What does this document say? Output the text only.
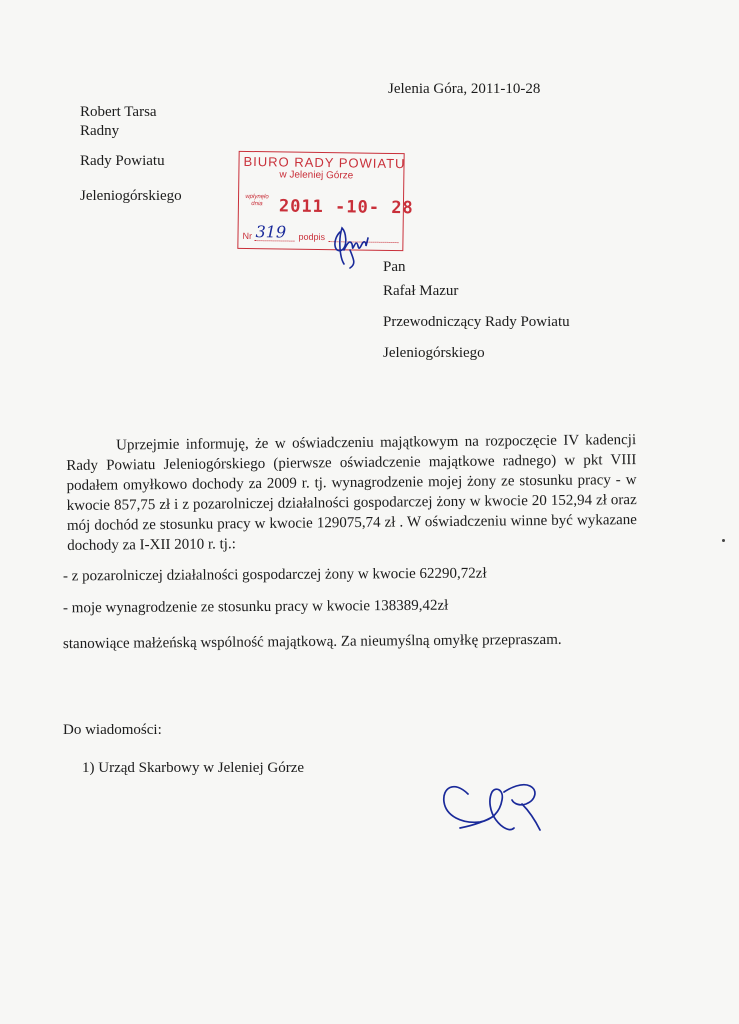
Jelenia Góra, 2011-10-28
Robert Tarsa
Radny
Rady Powiatu
Jeleniogórskiego
BIURO RADY POWIATU
w Jeleniej Górze
wpłynęło dnia 2011 -10- 28
Nr 319 podpis
Pan
Rafał Mazur
Przewodniczący Rady Powiatu
Jeleniogórskiego
Uprzejmie informuję, że w oświadczeniu majątkowym na rozpoczęcie IV kadencji Rady Powiatu Jeleniogórskiego (pierwsze oświadczenie majątkowe radnego) w pkt VIII podałem omyłkowo dochody za 2009 r. tj. wynagrodzenie mojej żony ze stosunku pracy - w kwocie 857,75 zł i z pozarolniczej działalności gospodarczej żony w kwocie 20 152,94 zł oraz mój dochód ze stosunku pracy w kwocie 129075,74 zł . W oświadczeniu winne być wykazane dochody za I-XII 2010 r. tj.:
- z pozarolniczej działalności gospodarczej żony w kwocie 62290,72zł
- moje wynagrodzenie ze stosunku pracy w kwocie 138389,42zł
stanowiące małżeńską wspólność majątkową. Za nieumyślną omyłkę przepraszam.
Do wiadomości:
1) Urząd Skarbowy w Jeleniej Górze
